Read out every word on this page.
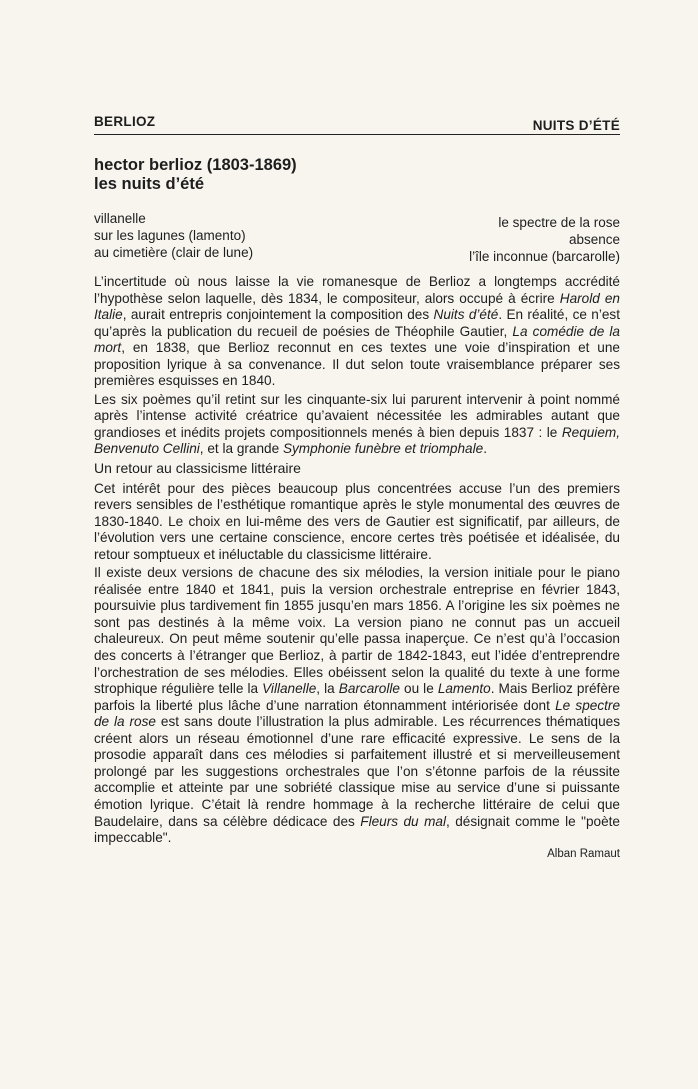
BERLIOZ	NUITS D’ÉTÉ
hector berlioz (1803-1869)
les nuits d’été
villanelle
sur les lagunes (lamento)
au cimetière (clair de lune)
le spectre de la rose
absence
l’île inconnue (barcarolle)

L’incertitude où nous laisse la vie romanesque de Berlioz a longtemps accrédité l’hypothèse selon laquelle, dès 1834, le compositeur, alors occupé à écrire Harold en Italie, aurait entrepris conjointement la composition des Nuits d’été. En réalité, ce n’est qu’après la publication du recueil de poésies de Théophile Gautier, La comédie de la mort, en 1838, que Berlioz reconnut en ces textes une voie d’inspiration et une proposition lyrique à sa convenance. Il dut selon toute vraisemblance préparer ses premières esquisses en 1840.

Les six poèmes qu’il retint sur les cinquante-six lui parurent intervenir à point nommé après l’intense activité créatrice qu’avaient nécessitée les admirables autant que grandioses et inédits projets compositionnels menés à bien depuis 1837 : le Requiem, Benvenuto Cellini, et la grande Symphonie funèbre et triomphale.

Un retour au classicisme littéraire

Cet intérêt pour des pièces beaucoup plus concentrées accuse l’un des premiers revers sensibles de l’esthétique romantique après le style monumental des œuvres de 1830-1840. Le choix en lui-même des vers de Gautier est significatif, par ailleurs, de l’évolution vers une certaine conscience, encore certes très poétisée et idéalisée, du retour somptueux et inéluctable du classicisme littéraire.

Il existe deux versions de chacune des six mélodies, la version initiale pour le piano réalisée entre 1840 et 1841, puis la version orchestrale entreprise en février 1843, poursuivie plus tardivement fin 1855 jusqu’en mars 1856. A l’origine les six poèmes ne sont pas destinés à la même voix. La version piano ne connut pas un accueil chaleureux. On peut même soutenir qu’elle passa inaperçue. Ce n’est qu’à l’occasion des concerts à l’étranger que Berlioz, à partir de 1842-1843, eut l’idée d’entreprendre l’orchestration de ses mélodies. Elles obéissent selon la qualité du texte à une forme strophique régulière telle la Villanelle, la Barcarolle ou le Lamento. Mais Berlioz préfère parfois la liberté plus lâche d’une narration étonnamment intériorisée dont Le spectre de la rose est sans doute l’illustration la plus admirable. Les récurrences thématiques créent alors un réseau émotionnel d’une rare efficacité expressive. Le sens de la prosodie apparaît dans ces mélodies si parfaitement illustré et si merveilleusement prolongé par les suggestions orchestrales que l’on s’étonne parfois de la réussite accomplie et atteinte par une sobriété classique mise au service d’une si puissante émotion lyrique. C’était là rendre hommage à la recherche littéraire de celui que Baudelaire, dans sa célèbre dédicace des Fleurs du mal, désignait comme le "poète impeccable".

Alban Ramaut
